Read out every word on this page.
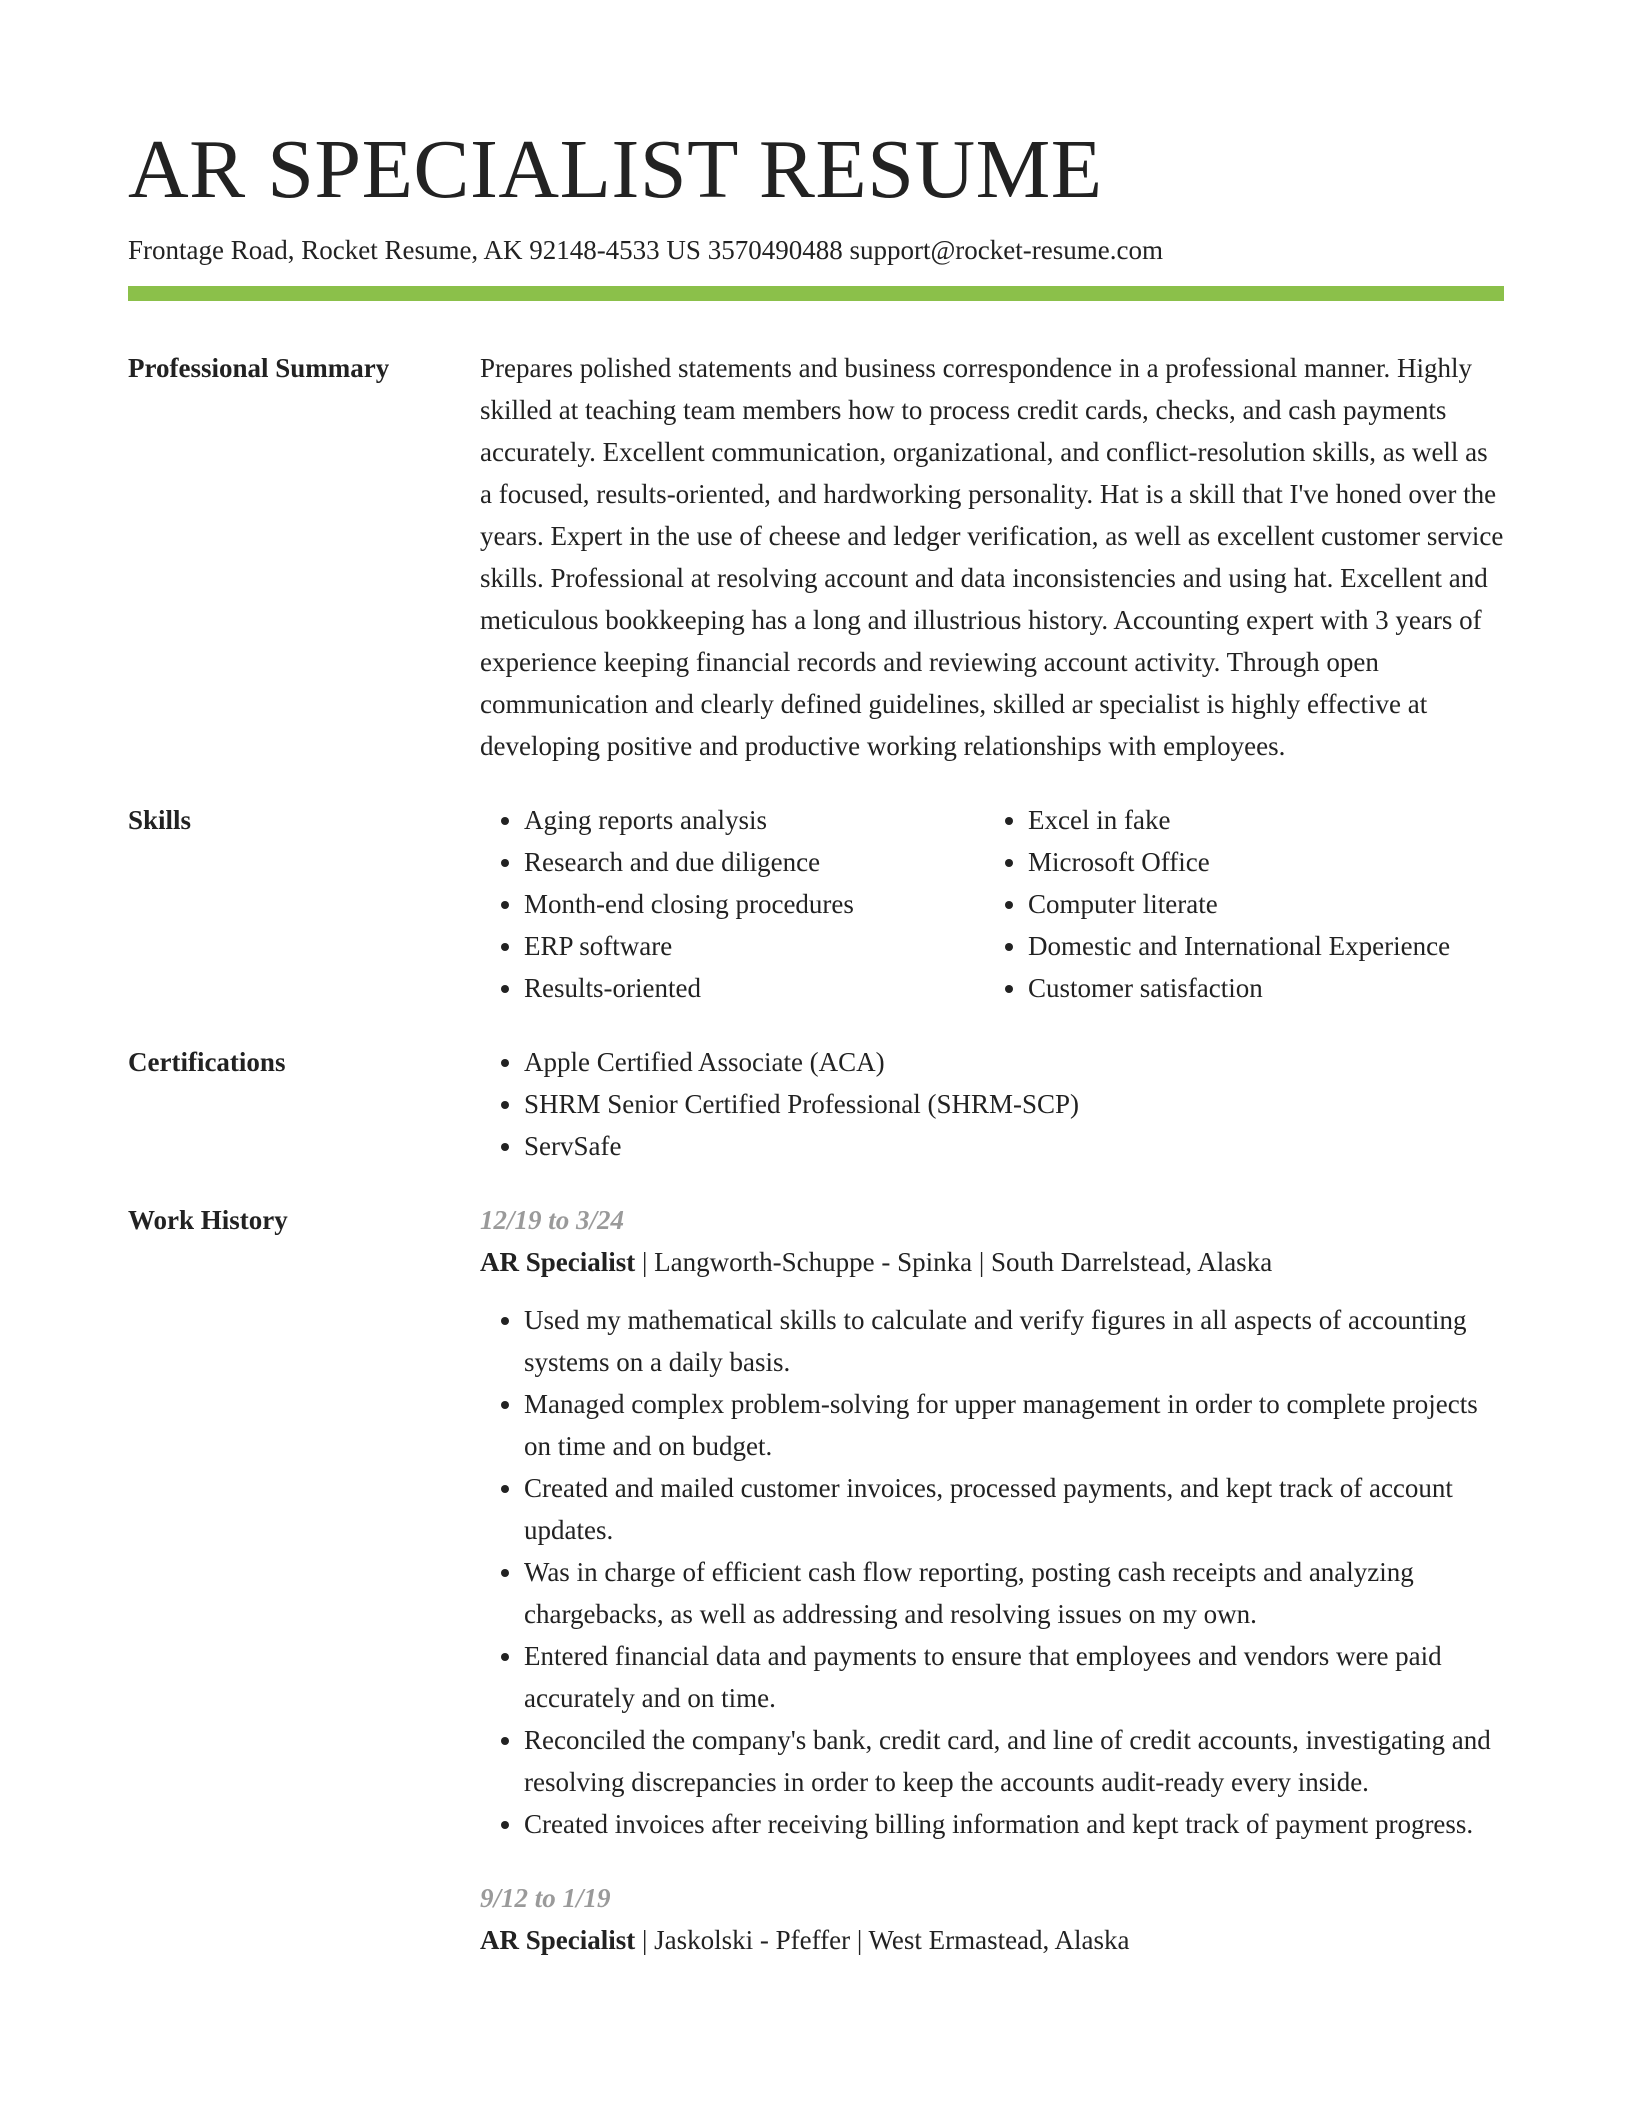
AR SPECIALIST RESUME
Frontage Road, Rocket Resume, AK 92148-4533 US 3570490488 support@rocket-resume.com
Professional Summary	Prepares polished statements and business correspondence in a professional manner. Highly skilled at teaching team members how to process credit cards, checks, and cash payments accurately. Excellent communication, organizational, and conflict-resolution skills, as well as a focused, results-oriented, and hardworking personality. Hat is a skill that I've honed over the years. Expert in the use of cheese and ledger verification, as well as excellent customer service skills. Professional at resolving account and data inconsistencies and using hat. Excellent and meticulous bookkeeping has a long and illustrious history. Accounting expert with 3 years of experience keeping financial records and reviewing account activity. Through open communication and clearly defined guidelines, skilled ar specialist is highly effective at developing positive and productive working relationships with employees.
Skills	• Aging reports analysis
• Research and due diligence
• Month-end closing procedures
• ERP software
• Results-oriented
• Excel in fake
• Microsoft Office
• Computer literate
• Domestic and International Experience
• Customer satisfaction
Certifications	• Apple Certified Associate (ACA)
• SHRM Senior Certified Professional (SHRM-SCP)
• ServSafe
Work History	12/19 to 3/24
AR Specialist | Langworth-Schuppe - Spinka | South Darrelstead, Alaska
• Used my mathematical skills to calculate and verify figures in all aspects of accounting systems on a daily basis.
• Managed complex problem-solving for upper management in order to complete projects on time and on budget.
• Created and mailed customer invoices, processed payments, and kept track of account updates.
• Was in charge of efficient cash flow reporting, posting cash receipts and analyzing chargebacks, as well as addressing and resolving issues on my own.
• Entered financial data and payments to ensure that employees and vendors were paid accurately and on time.
• Reconciled the company's bank, credit card, and line of credit accounts, investigating and resolving discrepancies in order to keep the accounts audit-ready every inside.
• Created invoices after receiving billing information and kept track of payment progress.
9/12 to 1/19
AR Specialist | Jaskolski - Pfeffer | West Ermastead, Alaska
